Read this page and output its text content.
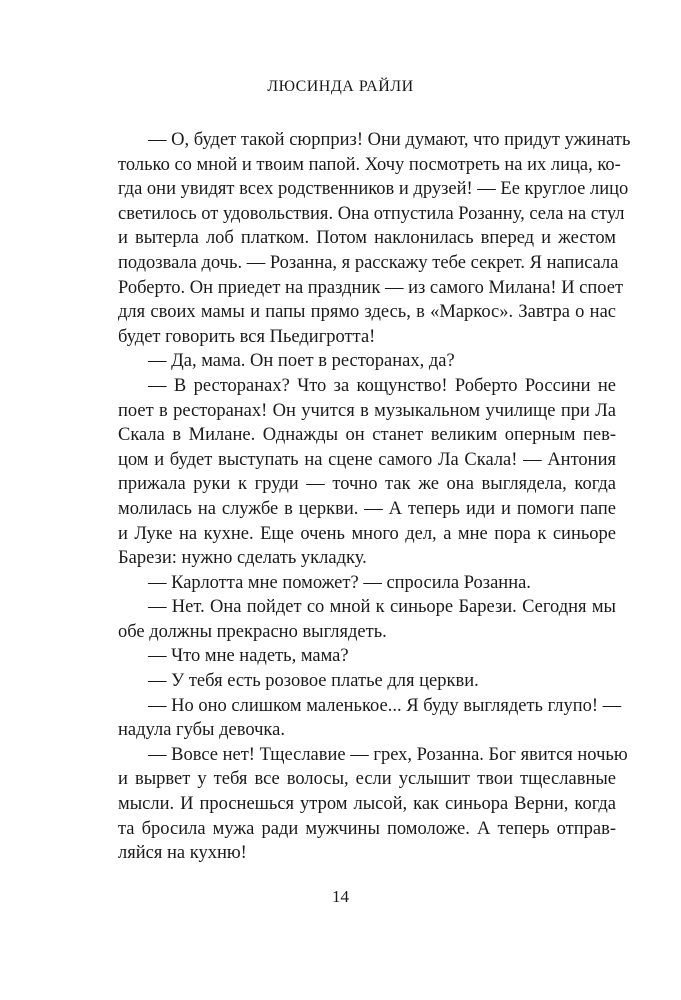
ЛЮСИНДА РАЙЛИ
— О, будет такой сюрприз! Они думают, что придут ужинать
только со мной и твоим папой. Хочу посмотреть на их лица, ко-
гда они увидят всех родственников и друзей! — Ее круглое лицо
светилось от удовольствия. Она отпустила Розанну, села на стул
и вытерла лоб платком. Потом наклонилась вперед и жестом
подозвала дочь. — Розанна, я расскажу тебе секрет. Я написала
Роберто. Он приедет на праздник — из самого Милана! И споет
для своих мамы и папы прямо здесь, в «Маркос». Завтра о нас
будет говорить вся Пьедигротта!
— Да, мама. Он поет в ресторанах, да?
— В ресторанах? Что за кощунство! Роберто Россини не
поет в ресторанах! Он учится в музыкальном училище при Ла
Скала в Милане. Однажды он станет великим оперным пев-
цом и будет выступать на сцене самого Ла Скала! — Антония
прижала руки к груди — точно так же она выглядела, когда
молилась на службе в церкви. — А теперь иди и помоги папе
и Луке на кухне. Еще очень много дел, а мне пора к синьоре
Барези: нужно сделать укладку.
— Карлотта мне поможет? — спросила Розанна.
— Нет. Она пойдет со мной к синьоре Барези. Сегодня мы
обе должны прекрасно выглядеть.
— Что мне надеть, мама?
— У тебя есть розовое платье для церкви.
— Но оно слишком маленькое... Я буду выглядеть глупо! —
надула губы девочка.
— Вовсе нет! Тщеславие — грех, Розанна. Бог явится ночью
и вырвет у тебя все волосы, если услышит твои тщеславные
мысли. И проснешься утром лысой, как синьора Верни, когда
та бросила мужа ради мужчины помоложе. А теперь отправ-
ляйся на кухню!
14
